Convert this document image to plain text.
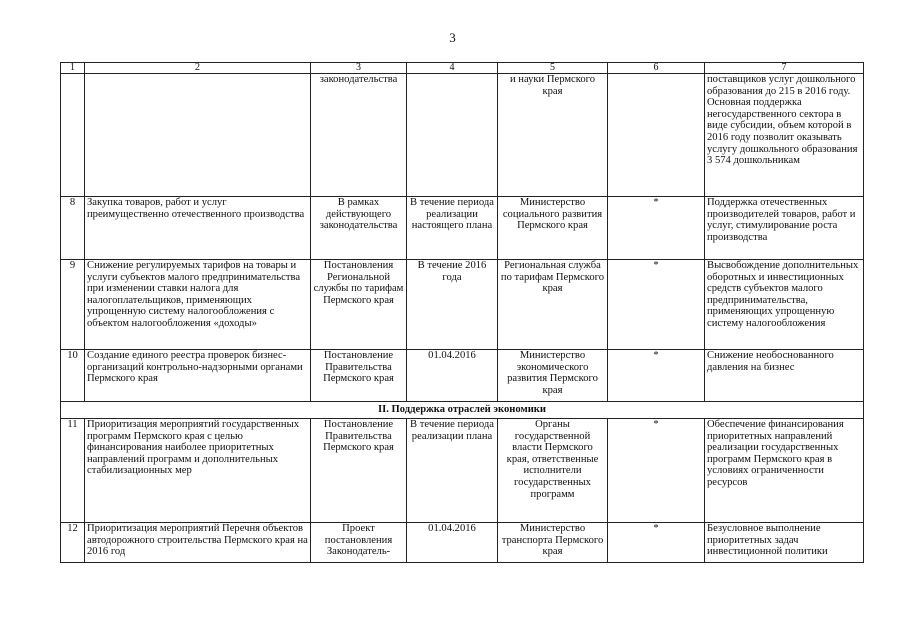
3
1	2	3	4	5	6	7
		законодательства		и науки Пермского края		поставщиков услуг дошкольного образования до 215 в 2016 году. Основная поддержка негосударственного сектора в виде субсидии, объем которой в 2016 году позволит оказывать услугу дошкольного образования 3 574 дошкольникам
8	Закупка товаров, работ и услуг преимущественно отечественного производства	В рамках действующего законодательства	В течение периода реализации настоящего плана	Министерство социального развития Пермского края	*	Поддержка отечественных производителей товаров, работ и услуг, стимулирование роста производства
9	Снижение регулируемых тарифов на товары и услуги субъектов малого предпринимательства при изменении ставки налога для налогоплательщиков, применяющих упрощенную систему налогообложения с объектом налогообложения «доходы»	Постановления Региональной службы по тарифам Пермского края	В течение 2016 года	Региональная служба по тарифам Пермского края	*	Высвобождение дополнительных оборотных и инвестиционных средств субъектов малого предпринимательства, применяющих упрощенную систему налогообложения
10	Создание единого реестра проверок бизнес-организаций контрольно-надзорными органами Пермского края	Постановление Правительства Пермского края	01.04.2016	Министерство экономического развития Пермского края	*	Снижение необоснованного давления на бизнес
II. Поддержка отраслей экономики						
11	Приоритизация мероприятий государственных программ Пермского края с целью финансирования наиболее приоритетных направлений программ и дополнительных стабилизационных мер	Постановление Правительства Пермского края	В течение периода реализации плана	Органы государственной власти Пермского края, ответственные исполнители государственных программ	*	Обеспечение финансирования приоритетных направлений реализации государственных программ Пермского края в условиях ограниченности ресурсов
12	Приоритизация мероприятий Перечня объектов автодорожного строительства Пермского края на 2016 год	Проект постановления Законодатель-	01.04.2016	Министерство транспорта Пермского края	*	Безусловное выполнение приоритетных задач инвестиционной политики
